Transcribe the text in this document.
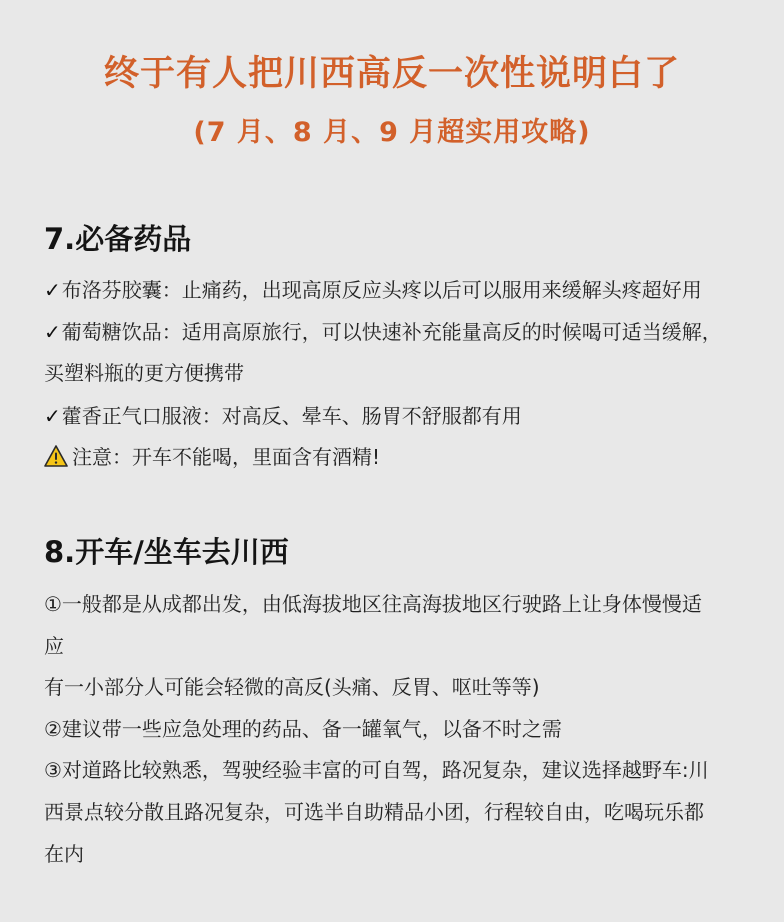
终于有人把川西高反一次性说明白了
(7 月、8 月、9 月超实用攻略)
7.必备药品
✓布洛芬胶囊：止痛药，出现高原反应头疼以后可以服用来缓解头疼超好用
✓葡萄糖饮品：适用高原旅行，可以快速补充能量高反的时候喝可适当缓解，
买塑料瓶的更方便携带
✓藿香正气口服液：对高反、晕车、肠胃不舒服都有用
注意：开车不能喝，里面含有酒精!
8.开车/坐车去川西
①一般都是从成都出发，由低海拔地区往高海拔地区行驶路上让身体慢慢适
应
有一小部分人可能会轻微的高反(头痛、反胃、呕吐等等)
②建议带一些应急处理的药品、备一罐氧气，以备不时之需
③对道路比较熟悉，驾驶经验丰富的可自驾，路况复杂，建议选择越野车:川
西景点较分散且路况复杂，可选半自助精品小团，行程较自由，吃喝玩乐都
在内
